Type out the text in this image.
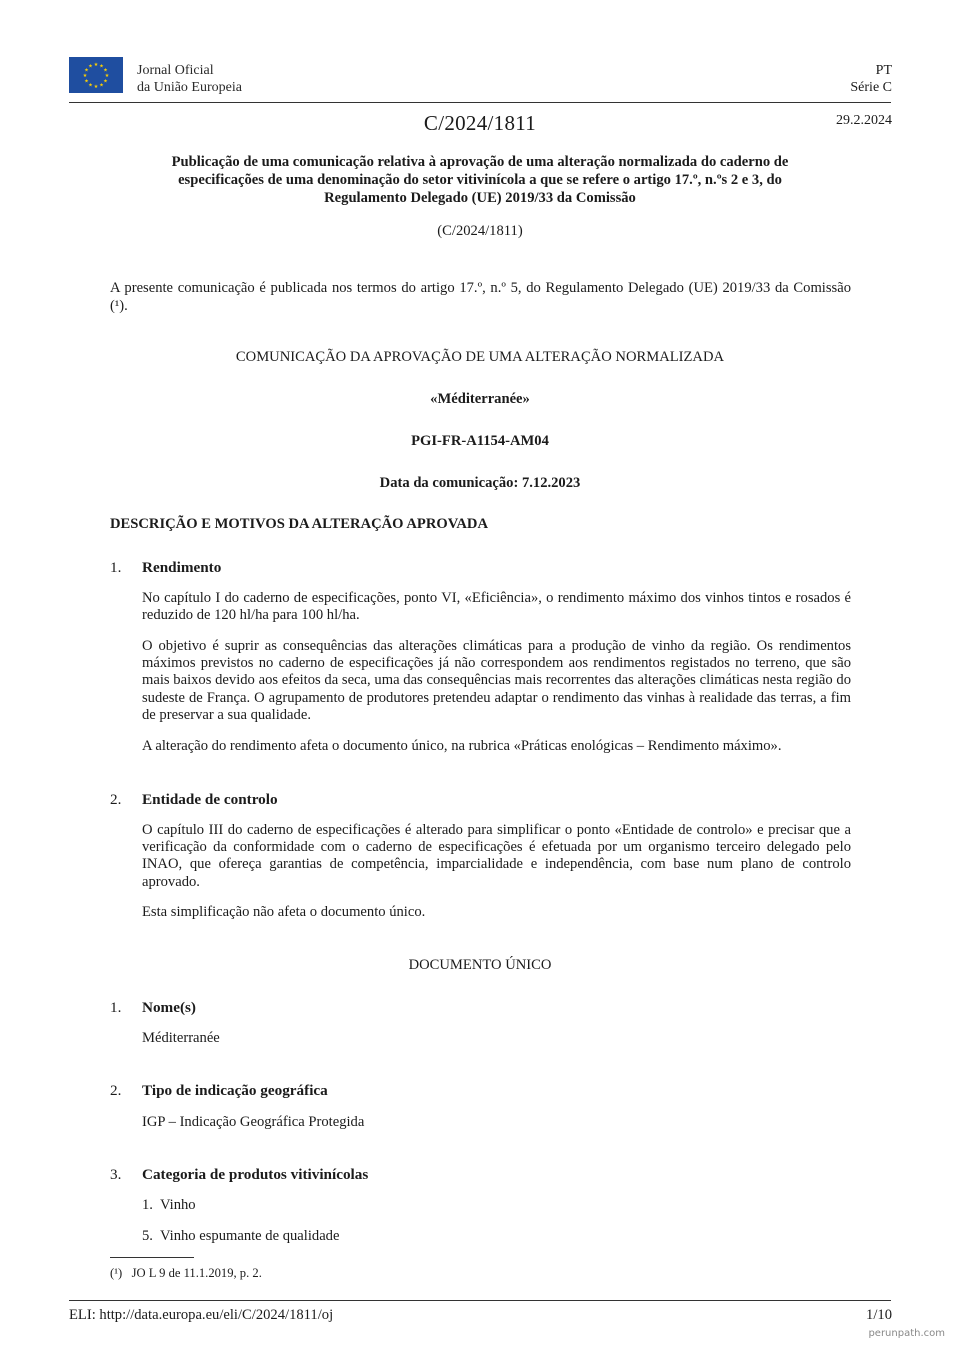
★ ★
★
★
★
★
★
★
★
★
★
★	Jornal Oficial
da União Europeia
PT
Série C
C/2024/1811	29.2.2024
Publicação de uma comunicação relativa à aprovação de uma alteração normalizada do caderno de especificações de uma denominação do setor vitivinícola a que se refere o artigo 17.º, n.ºs 2 e 3, do Regulamento Delegado (UE) 2019/33 da Comissão
(C/2024/1811)
A presente comunicação é publicada nos termos do artigo 17.º, n.º 5, do Regulamento Delegado (UE) 2019/33 da Comissão (¹).
COMUNICAÇÃO DA APROVAÇÃO DE UMA ALTERAÇÃO NORMALIZADA
«Méditerranée»
PGI-FR-A1154-AM04
Data da comunicação: 7.12.2023
DESCRIÇÃO E MOTIVOS DA ALTERAÇÃO APROVADA
1. Rendimento
No capítulo I do caderno de especificações, ponto VI, «Eficiência», o rendimento máximo dos vinhos tintos e rosados é reduzido de 120 hl/ha para 100 hl/ha.
O objetivo é suprir as consequências das alterações climáticas para a produção de vinho da região. Os rendimentos máximos previstos no caderno de especificações já não correspondem aos rendimentos registados no terreno, que são mais baixos devido aos efeitos da seca, uma das consequências mais recorrentes das alterações climáticas nesta região do sudeste de França. O agrupamento de produtores pretendeu adaptar o rendimento das vinhas à realidade das terras, a fim de preservar a sua qualidade.
A alteração do rendimento afeta o documento único, na rubrica «Práticas enológicas – Rendimento máximo».
2. Entidade de controlo
O capítulo III do caderno de especificações é alterado para simplificar o ponto «Entidade de controlo» e precisar que a verificação da conformidade com o caderno de especificações é efetuada por um organismo terceiro delegado pelo INAO, que ofereça garantias de competência, imparcialidade e independência, com base num plano de controlo aprovado.
Esta simplificação não afeta o documento único.
DOCUMENTO ÚNICO
1. Nome(s)
Méditerranée
2. Tipo de indicação geográfica
IGP – Indicação Geográfica Protegida
3. Categoria de produtos vitivinícolas
1.  Vinho
5.  Vinho espumante de qualidade
(¹)   JO L 9 de 11.1.2019, p. 2.
ELI: http://data.europa.eu/eli/C/2024/1811/oj	1/10
perunpath.com
